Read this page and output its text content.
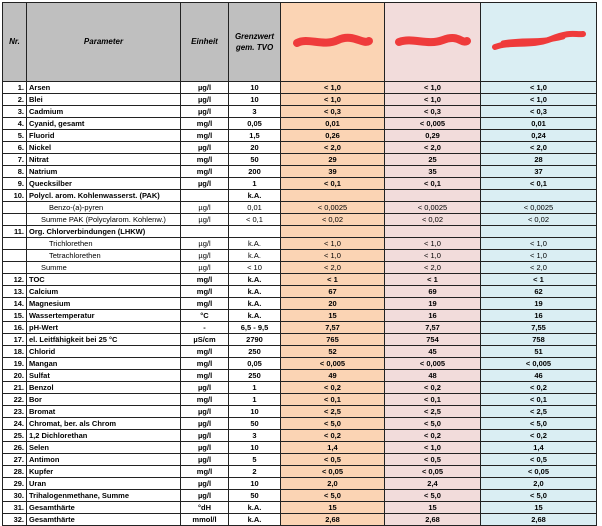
Nr.	Parameter	Einheit	Grenzwert
gem. TVO	

1.	Arsen	µg/l	10	< 1,0	< 1,0	< 1,0
2.	Blei	µg/l	10	< 1,0	< 1,0	< 1,0
3.	Cadmium	µg/l	3	< 0,3	< 0,3	< 0,3
4.	Cyanid, gesamt	mg/l	0,05	0,01	< 0,005	0,01
5.	Fluorid	mg/l	1,5	0,26	0,29	0,24
6.	Nickel	µg/l	20	< 2,0	< 2,0	< 2,0
7.	Nitrat	mg/l	50	29	25	28
8.	Natrium	mg/l	200	39	35	37
9.	Quecksilber	µg/l	1	< 0,1	< 0,1	< 0,1
10.	Polycl. arom. Kohlenwasserst. (PAK)		k.A.			
	Benzo-(a)-pyren	µg/l	0,01	< 0,0025	< 0,0025	< 0,0025
	Summe PAK (Polycylarom. Kohlenw.)	µg/l	< 0,1	< 0,02	< 0,02	< 0,02
11.	Org. Chlorverbindungen (LHKW)					
	Trichlorethen	µg/l	k.A.	< 1,0	< 1,0	< 1,0
	Tetrachlorethen	µg/l	k.A.	< 1,0	< 1,0	< 1,0
	Summe	µg/l	< 10	< 2,0	< 2,0	< 2,0
12.	TOC	mg/l	k.A.	< 1	< 1	< 1
13.	Calcium	mg/l	k.A.	67	69	62
14.	Magnesium	mg/l	k.A.	20	19	19
15.	Wassertemperatur	°C	k.A.	15	16	16
16.	pH-Wert	-	6,5 - 9,5	7,57	7,57	7,55
17.	el. Leitfähigkeit bei 25 °C	µS/cm	2790	765	754	758
18.	Chlorid	mg/l	250	52	45	51
19.	Mangan	mg/l	0,05	< 0,005	< 0,005	< 0,005
20.	Sulfat	mg/l	250	49	48	46
21.	Benzol	µg/l	1	< 0,2	< 0,2	< 0,2
22.	Bor	mg/l	1	< 0,1	< 0,1	< 0,1
23.	Bromat	µg/l	10	< 2,5	< 2,5	< 2,5
24.	Chromat, ber. als Chrom	µg/l	50	< 5,0	< 5,0	< 5,0
25.	1,2 Dichlorethan	µg/l	3	< 0,2	< 0,2	< 0,2
26.	Selen	µg/l	10	1,4	< 1,0	1,4
27.	Antimon	µg/l	5	< 0,5	< 0,5	< 0,5
28.	Kupfer	mg/l	2	< 0,05	< 0,05	< 0,05
29.	Uran	µg/l	10	2,0	2,4	2,0
30.	Trihalogenmethane, Summe	µg/l	50	< 5,0	< 5,0	< 5,0
31.	Gesamthärte	°dH	k.A.	15	15	15
32.	Gesamthärte	mmol/l	k.A.	2,68	2,68	2,68
